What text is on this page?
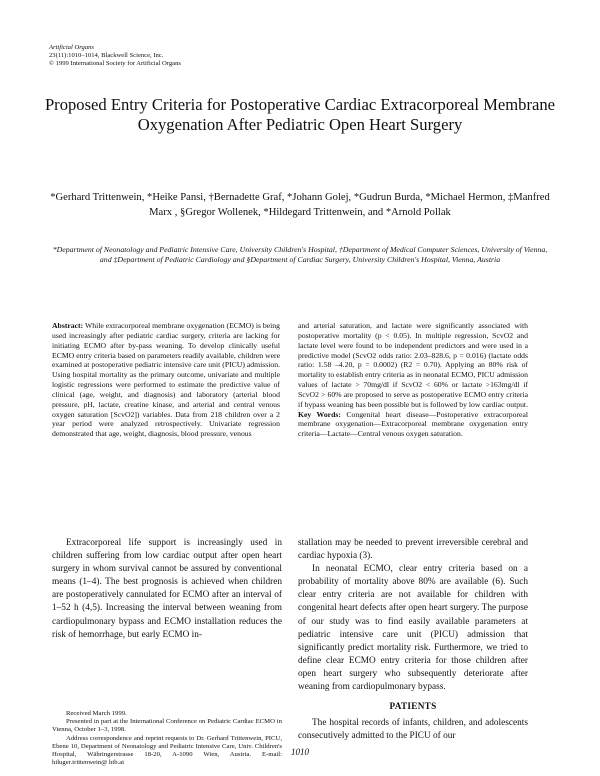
Artificial Organs
23(11):1010–1014, Blackwell Science, Inc.
© 1999 International Society for Artificial Organs
Proposed Entry Criteria for Postoperative Cardiac Extracorporeal Membrane Oxygenation After Pediatric Open Heart Surgery
*Gerhard Trittenwein, *Heike Pansi, †Bernadette Graf, *Johann Golej, *Gudrun Burda, *Michael Hermon, ‡Manfred Marx , §Gregor Wollenek, *Hildegard Trittenwein, and *Arnold Pollak
*Department of Neonatology and Pediatric Intensive Care, University Children's Hospital, †Department of Medical Computer Sciences, University of Vienna, and ‡Department of Pediatric Cardiology and §Department of Cardiac Surgery, University Children's Hospital, Vienna, Austria

Abstract: While extracorporeal membrane oxygenation (ECMO) is being used increasingly after pediatric cardiac surgery, criteria are lacking for initiating ECMO after by-pass weaning. To develop clinically useful ECMO entry criteria based on parameters readily available, children were examined at postoperative pediatric intensive care unit (PICU) admission. Using hospital mortality as the primary outcome, univariate and multiple logistic regressions were performed to estimate the predictive value of clinical (age, weight, and diagnosis) and laboratory (arterial blood pressure, pH, lactate, creatine kinase, and arterial and central venous oxygen saturation [ScvO2]) variables. Data from 218 children over a 2 year period were analyzed retrospectively. Univariate regression demonstrated that age, weight, diagnosis, blood pressure, venous

and arterial saturation, and lactate were significantly associated with postoperative mortality (p < 0.05). In multiple regression, ScvO2 and lactate level were found to be independent predictors and were used in a predictive model (ScvO2 odds ratio: 2.03–828.6, p = 0.016) (lactate odds ratio: 1.58 –4.20, p = 0.0002) (R2 = 0.70). Applying an 80% risk of mortality to establish entry criteria as in neonatal ECMO, PICU admission values of lactate > 70mg/dl if ScvO2 < 60% or lactate >163mg/dl if ScvO2 > 60% are proposed to serve as postoperative ECMO entry criteria if bypass weaning has been possible but is followed by low cardiac output. Key Words: Congenital heart disease—Postoperative extracorporeal membrane oxygenation—Extracorporeal membrane oxygenation entry criteria—Lactate—Central venous oxygen saturation.

Extracorporeal life support is increasingly used in children suffering from low cardiac output after open heart surgery in whom survival cannot be assured by conventional means (1–4). The best prognosis is achieved when children are postoperatively cannulated for ECMO after an interval of 1–52 h (4,5). Increasing the interval between weaning from cardiopulmonary bypass and ECMO installation reduces the risk of hemorrhage, but early ECMO in-

Received March 1999.

Presented in part at the International Conference on Pediatric Cardiac ECMO in Vienna, October 1–3, 1998.

Address correspondence and reprint requests to Dr. Gerhard Trittenwein, PICU, Ebene 10, Department of Neonatology and Pediatric Intensive Care, Univ. Children's Hospital, Währingerstrasse 18-20, A-1090 Wien, Austria. E-mail: hiluger.trittenwein@ htb.at

stallation may be needed to prevent irreversible cerebral and cardiac hypoxia (3).

In neonatal ECMO, clear entry criteria based on a probability of mortality above 80% are available (6). Such clear entry criteria are not available for children with congenital heart defects after open heart surgery. The purpose of our study was to find easily available parameters at pediatric intensive care unit (PICU) admission that significantly predict mortality risk. Furthermore, we tried to define clear ECMO entry criteria for those children after open heart surgery who subsequently deteriorate after weaning from cardiopulmonary bypass.

PATIENTS

The hospital records of infants, children, and adolescents consecutively admitted to the PICU of our

1010
